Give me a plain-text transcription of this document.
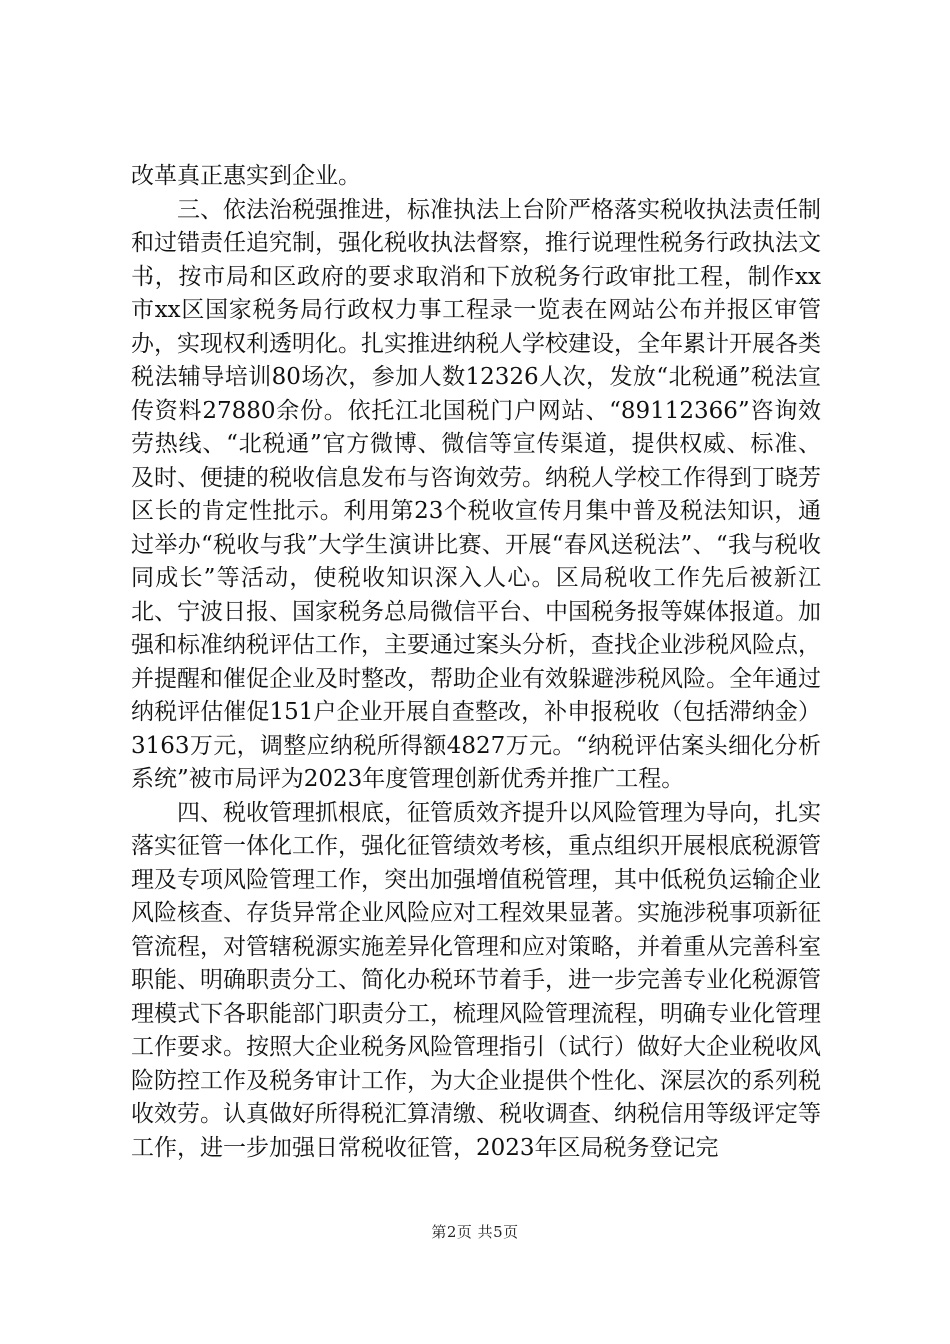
改革真正惠实到企业。

三、依法治税强推进，标准执法上台阶严格落实税收执法责任制和过错责任追究制，强化税收执法督察，推行说理性税务行政执法文书，按市局和区政府的要求取消和下放税务行政审批工程，制作xx市xx区国家税务局行政权力事工程录一览表在网站公布并报区审管办，实现权利透明化。扎实推进纳税人学校建设，全年累计开展各类税法辅导培训80场次，参加人数12326人次，发放“北税通”税法宣传资料27880余份。依托江北国税门户网站、“89112366”咨询效劳热线、“北税通”官方微博、微信等宣传渠道，提供权威、标准、及时、便捷的税收信息发布与咨询效劳。纳税人学校工作得到丁晓芳区长的肯定性批示。利用第23个税收宣传月集中普及税法知识，通过举办“税收与我”大学生演讲比赛、开展“春风送税法”、“我与税收同成长”等活动，使税收知识深入人心。区局税收工作先后被新江北、宁波日报、国家税务总局微信平台、中国税务报等媒体报道。加强和标准纳税评估工作，主要通过案头分析，查找企业涉税风险点，并提醒和催促企业及时整改，帮助企业有效躲避涉税风险。全年通过纳税评估催促151户企业开展自查整改，补申报税收（包括滞纳金）3163万元，调整应纳税所得额4827万元。“纳税评估案头细化分析系统”被市局评为2023年度管理创新优秀并推广工程。

四、税收管理抓根底，征管质效齐提升以风险管理为导向，扎实落实征管一体化工作，强化征管绩效考核，重点组织开展根底税源管理及专项风险管理工作，突出加强增值税管理，其中低税负运输企业风险核查、存货异常企业风险应对工程效果显著。实施涉税事项新征管流程，对管辖税源实施差异化管理和应对策略，并着重从完善科室职能、明确职责分工、简化办税环节着手，进一步完善专业化税源管理模式下各职能部门职责分工，梳理风险管理流程，明确专业化管理工作要求。按照大企业税务风险管理指引（试行）做好大企业税收风险防控工作及税务审计工作，为大企业提供个性化、深层次的系列税收效劳。认真做好所得税汇算清缴、税收调查、纳税信用等级评定等工作，进一步加强日常税收征管，2023年区局税务登记完

第2页 共5页
